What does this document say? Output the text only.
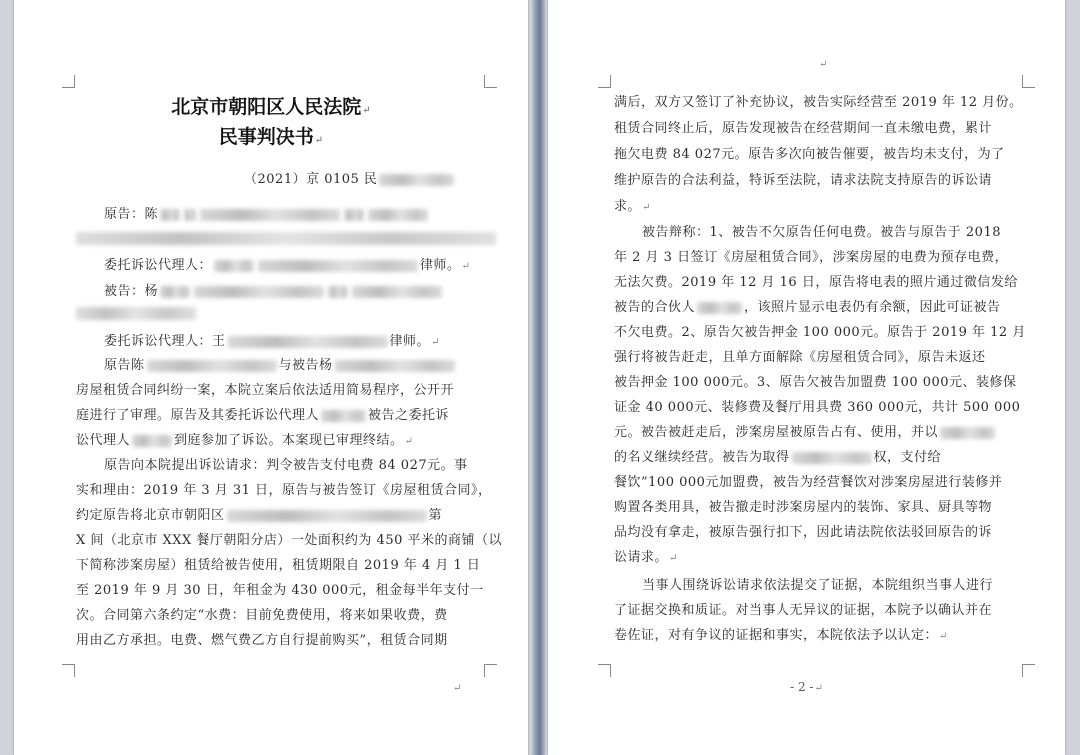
北京市朝阳区人民法院↵
民事判决书↵
（2021）京 0105 民
原告：陈
委托诉讼代理人：	律师。↵
被告：杨
委托诉讼代理人：王	律师。↵
原告陈	与被告杨
房屋租赁合同纠纷一案，本院立案后依法适用简易程序，公开开
庭进行了审理。原告及其委托诉讼代理人	被告之委托诉
讼代理人	到庭参加了诉讼。本案现已审理终结。↵
原告向本院提出诉讼请求：判令被告支付电费 84 027元。事
实和理由：2019 年 3 月 31 日，原告与被告签订《房屋租赁合同》，
约定原告将北京市朝阳区	第
X 间（北京市 XXX 餐厅朝阳分店）一处面积约为 450 平米的商铺（以
下简称涉案房屋）租赁给被告使用，租赁期限自 2019 年 4 月 1 日
至 2019 年 9 月 30 日，年租金为 430 000元，租金每半年支付一
次。合同第六条约定“水费：目前免费使用，将来如果收费，费
用由乙方承担。电费、燃气费乙方自行提前购买”，租赁合同期
↵
↵
满后，双方又签订了补充协议，被告实际经营至 2019 年 12 月份。
租赁合同终止后，原告发现被告在经营期间一直未缴电费，累计
拖欠电费 84 027元。原告多次向被告催要，被告均未支付，为了
维护原告的合法利益，特诉至法院，请求法院支持原告的诉讼请
求。↵
被告辩称：1、被告不欠原告任何电费。被告与原告于 2018
年 2 月 3 日签订《房屋租赁合同》，涉案房屋的电费为预存电费，
无法欠费。2019 年 12 月 16 日，原告将电表的照片通过微信发给
被告的合伙人	，该照片显示电表仍有余额，因此可证被告
不欠电费。2、原告欠被告押金 100 000元。原告于 2019 年 12 月
强行将被告赶走，且单方面解除《房屋租赁合同》，原告未返还
被告押金 100 000元。3、原告欠被告加盟费 100 000元、装修保
证金 40 000元、装修费及餐厅用具费 360 000元，共计 500 000
元。被告被赶走后，涉案房屋被原告占有、使用，并以
的名义继续经营。被告为取得	权，支付给
餐饮”100 000元加盟费，被告为经营餐饮对涉案房屋进行装修并
购置各类用具，被告撤走时涉案房屋内的装饰、家具、厨具等物
品均没有拿走，被原告强行扣下，因此请法院依法驳回原告的诉
讼请求。↵
当事人围绕诉讼请求依法提交了证据，本院组织当事人进行
了证据交换和质证。对当事人无异议的证据，本院予以确认并在
卷佐证，对有争议的证据和事实，本院依法予以认定：↵
- 2 -↵
